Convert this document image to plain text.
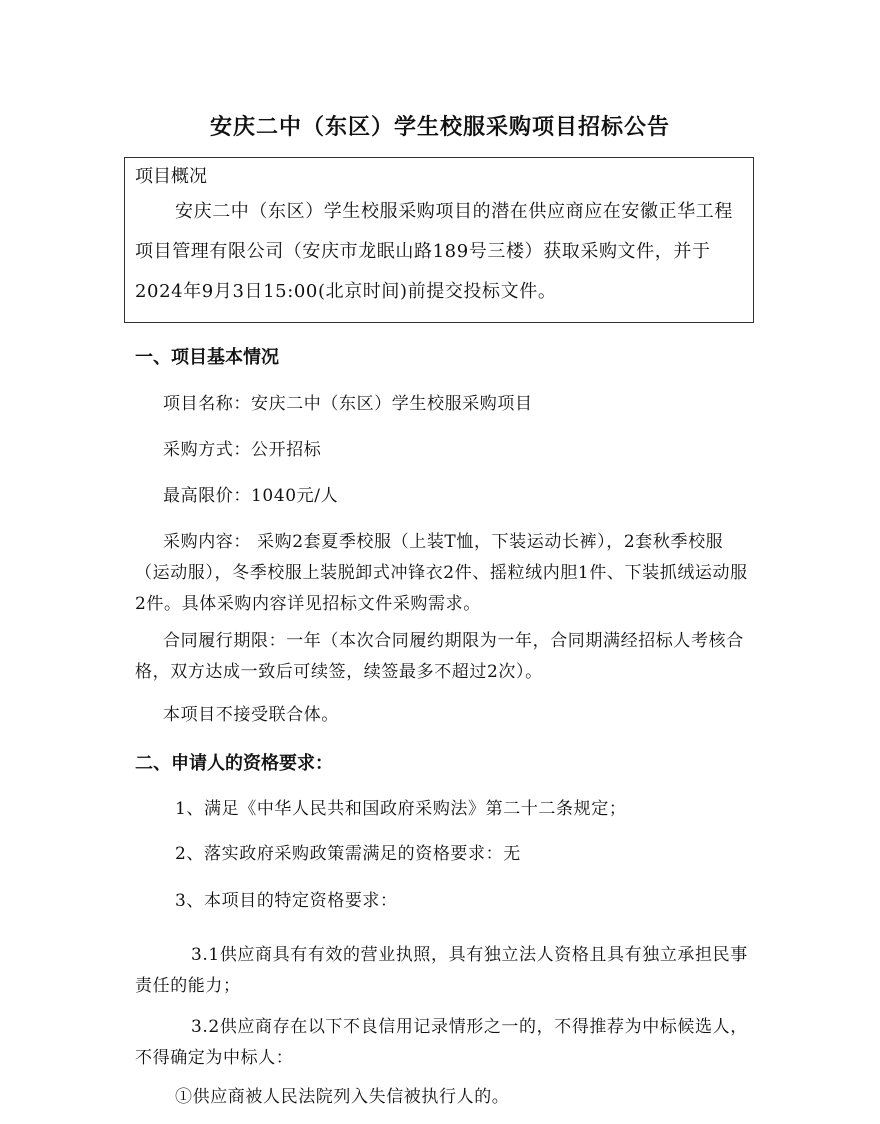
安庆二中（东区）学生校服采购项目招标公告
项目概况
安庆二中（东区）学生校服采购项目的潜在供应商应在安徽正华工程项目管理有限公司（安庆市龙眠山路189号三楼）获取采购文件，并于2024年9月3日15:00(北京时间)前提交投标文件。
一、项目基本情况
项目名称：安庆二中（东区）学生校服采购项目
采购方式：公开招标
最高限价：1040元/人
采购内容： 采购2套夏季校服（上装T恤，下装运动长裤），2套秋季校服（运动服），冬季校服上装脱卸式冲锋衣2件、摇粒绒内胆1件、下装抓绒运动服2件。具体采购内容详见招标文件采购需求。
合同履行期限：一年（本次合同履约期限为一年，合同期满经招标人考核合格，双方达成一致后可续签，续签最多不超过2次）。
本项目不接受联合体。
二、申请人的资格要求：
1、满足《中华人民共和国政府采购法》第二十二条规定；
2、落实政府采购政策需满足的资格要求：无
3、本项目的特定资格要求：
3.1供应商具有有效的营业执照，具有独立法人资格且具有独立承担民事责任的能力；
3.2供应商存在以下不良信用记录情形之一的，不得推荐为中标候选人，不得确定为中标人：
①供应商被人民法院列入失信被执行人的。
